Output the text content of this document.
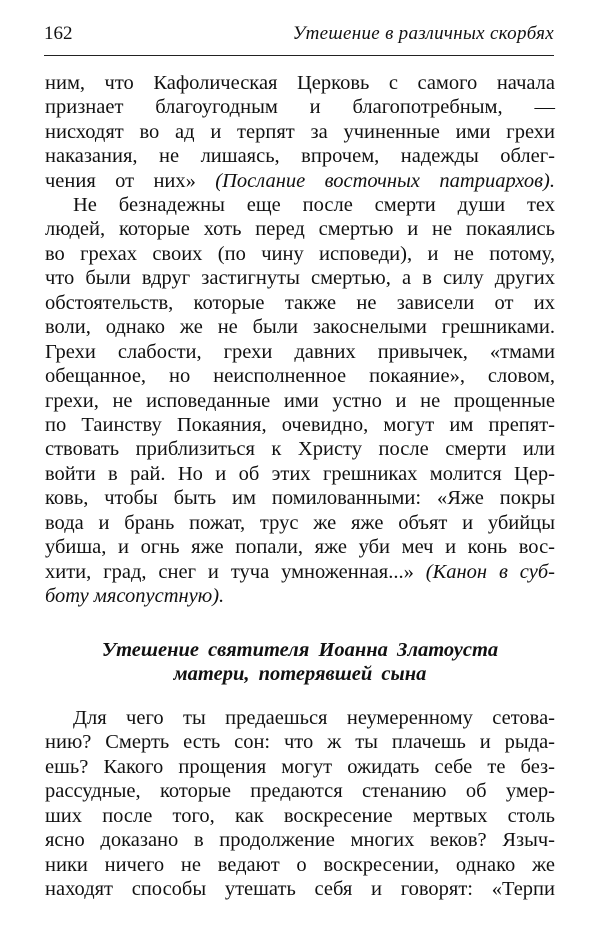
162	Утешение в различных скорбях
ним, что Кафолическая Церковь с самого начала
признает благоугодным и благопотребным, —
нисходят во ад и терпят за учиненные ими грехи
наказания, не лишаясь, впрочем, надежды облег-
чения от них» (Послание восточных патриархов).
Не безнадежны еще после смерти души тех
людей, которые хоть перед смертью и не покаялись
во грехах своих (по чину исповеди), и не потому,
что были вдруг застигнуты смертью, а в силу других
обстоятельств, которые также не зависели от их
воли, однако же не были закоснелыми грешниками.
Грехи слабости, грехи давних привычек, «тмами
обещанное, но неисполненное покаяние», словом,
грехи, не исповеданные ими устно и не прощенные
по Таинству Покаяния, очевидно, могут им препят-
ствовать приблизиться к Христу после смерти или
войти в рай. Но и об этих грешниках молится Цер-
ковь, чтобы быть им помилованными: «Яже покры
вода и брань пожат, трус же яже объят и убийцы
убиша, и огнь яже попали, яже уби меч и конь вос-
хити, град, снег и туча умноженная...» (Канон в суб-
боту мясопустную).
Утешение святителя Иоанна Златоуста
матери, потерявшей сына
Для чего ты предаешься неумеренному сетова-
нию? Смерть есть сон: что ж ты плачешь и рыда-
ешь? Какого прощения могут ожидать себе те без-
рассудные, которые предаются стенанию об умер-
ших после того, как воскресение мертвых столь
ясно доказано в продолжение многих веков? Языч-
ники ничего не ведают о воскресении, однако же
находят способы утешать себя и говорят: «Терпи
